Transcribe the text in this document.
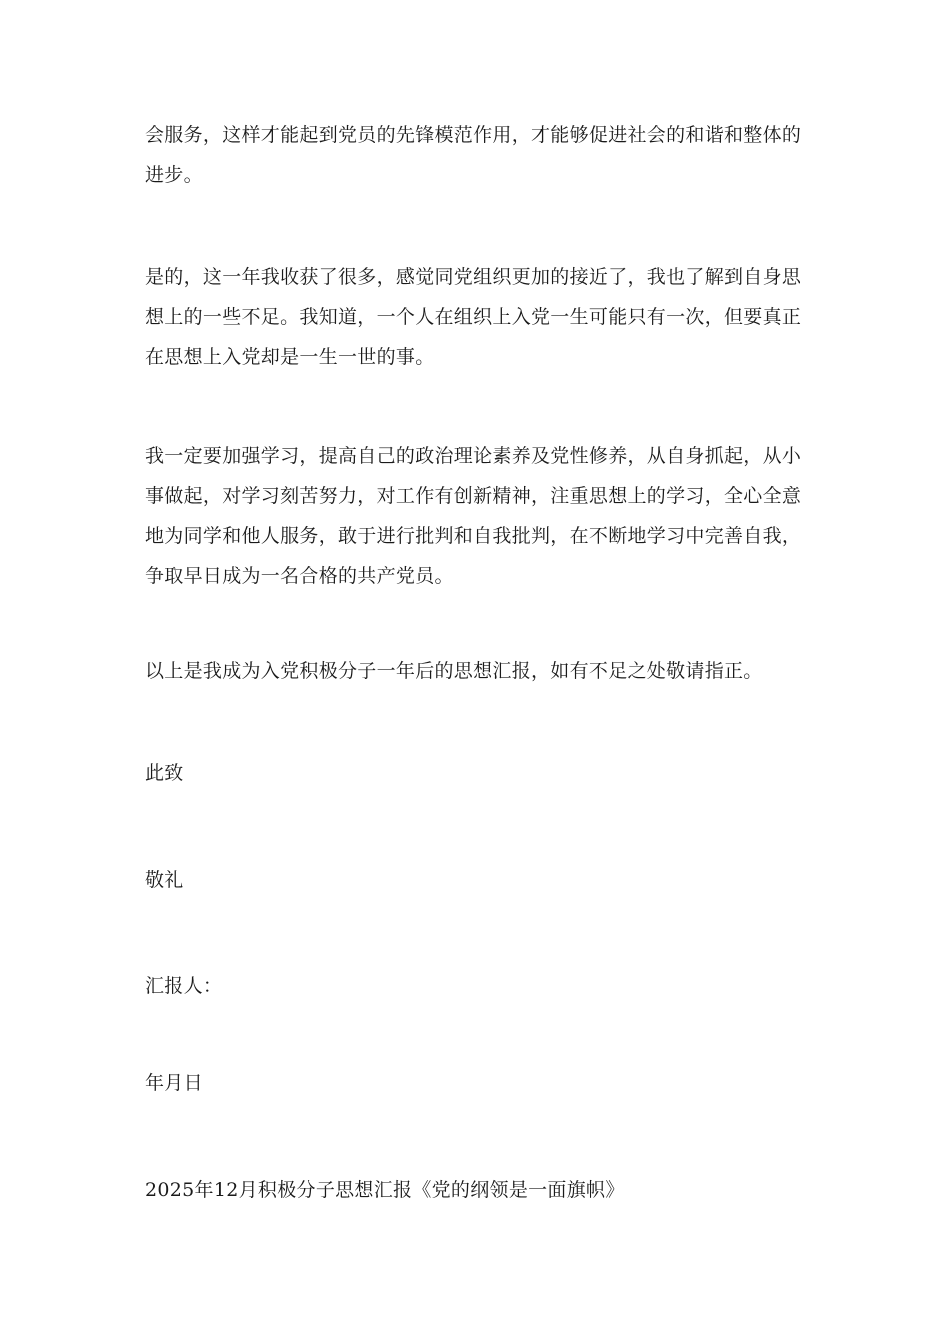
会服务，这样才能起到党员的先锋模范作用，才能够促进社会的和谐和整体的
进步。

是的，这一年我收获了很多，感觉同党组织更加的接近了，我也了解到自身思
想上的一些不足。我知道，一个人在组织上入党一生可能只有一次，但要真正
在思想上入党却是一生一世的事。

我一定要加强学习，提高自己的政治理论素养及党性修养，从自身抓起，从小
事做起，对学习刻苦努力，对工作有创新精神，注重思想上的学习，全心全意
地为同学和他人服务，敢于进行批判和自我批判，在不断地学习中完善自我，
争取早日成为一名合格的共产党员。

以上是我成为入党积极分子一年后的思想汇报，如有不足之处敬请指正。

此致

敬礼

汇报人：

年月日

2025年12月积极分子思想汇报《党的纲领是一面旗帜》
